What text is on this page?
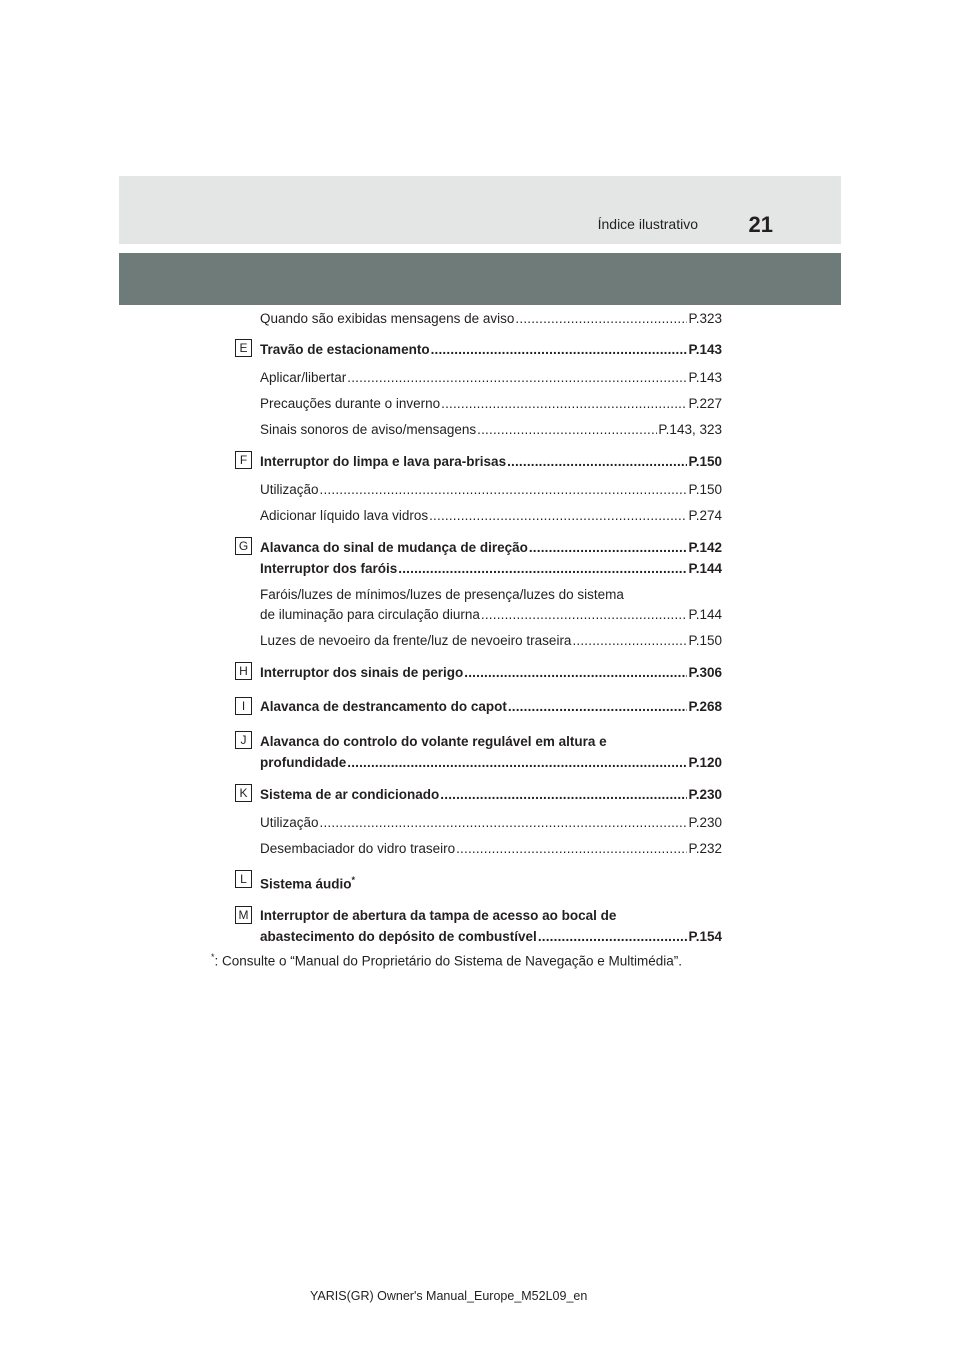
Índice ilustrativo 21
Quando são exibidas mensagens de aviso .....	P.323
E Travão de estacionamento .....	P.143
Aplicar/libertar .....	P.143
Precauções durante o inverno .....	P.227
Sinais sonoros de aviso/mensagens .....	P.143, 323
F Interruptor do limpa e lava para-brisas .....	P.150
Utilização .....	P.150
Adicionar líquido lava vidros .....	P.274
G Alavanca do sinal de mudança de direção .....	P.142
Interruptor dos faróis .....	P.144
Faróis/luzes de mínimos/luzes de presença/luzes do sistema
de iluminação para circulação diurna .....	P.144
Luzes de nevoeiro da frente/luz de nevoeiro traseira .....	P.150
H Interruptor dos sinais de perigo .....	P.306
I	Alavanca de destrancamento do capot .....	P.268
J	Alavanca do controlo do volante regulável em altura e
profundidade .....	P.120
K Sistema de ar condicionado .....	P.230
Utilização .....	P.230
Desembaciador do vidro traseiro .....	P.232
L Sistema áudio*
M Interruptor de abertura da tampa de acesso ao bocal de
abastecimento do depósito de combustível .....	P.154
*: Consulte o “Manual do Proprietário do Sistema de Navegação e Multimédia”.
YARIS(GR) Owner's Manual_Europe_M52L09_en
